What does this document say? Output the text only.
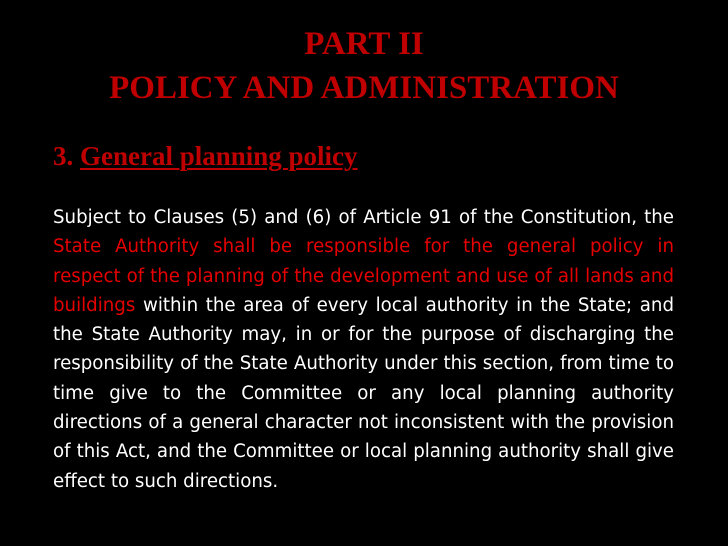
PART II
POLICY AND ADMINISTRATION
3. General planning policy
Subject to Clauses (5) and (6) of Article 91 of the Constitution, the State Authority shall be responsible for the general policy in respect of the planning of the development and use of all lands and buildings within the area of every local authority in the State; and the State Authority may, in or for the purpose of discharging the responsibility of the State Authority under this section, from time to time give to the Committee or any local planning authority directions of a general character not inconsistent with the provision of this Act, and the Committee or local planning authority shall give effect to such directions.
